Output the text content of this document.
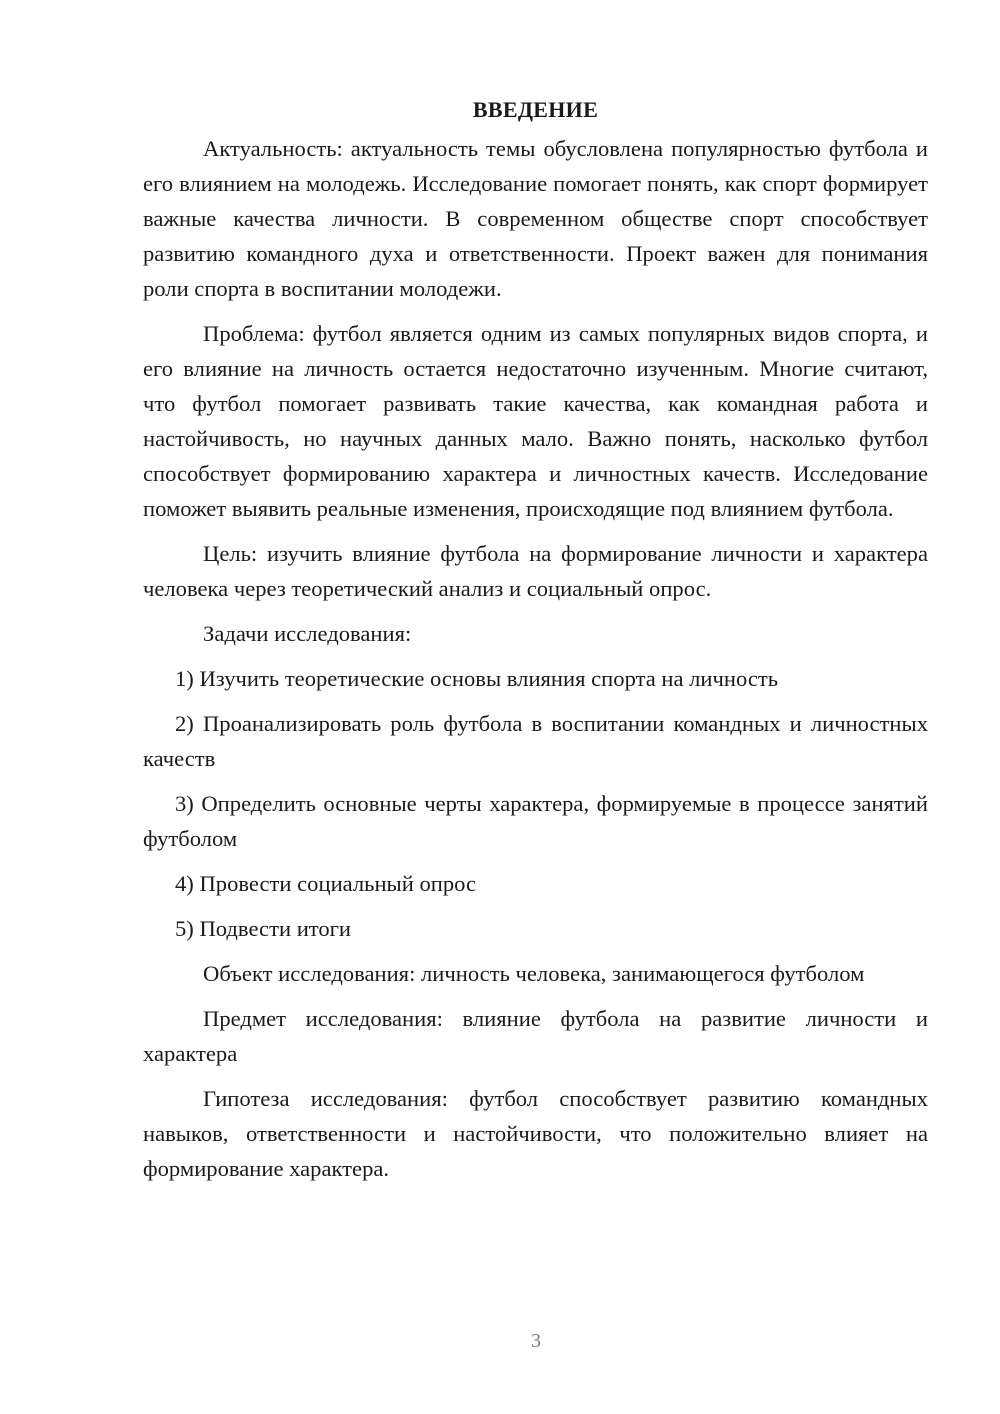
ВВЕДЕНИЕ

Актуальность: актуальность темы обусловлена популярностью футбола и его влиянием на молодежь. Исследование помогает понять, как спорт формирует важные качества личности. В современном обществе спорт способствует развитию командного духа и ответственности. Проект важен для понимания роли спорта в воспитании молодежи.

Проблема: футбол является одним из самых популярных видов спорта, и его влияние на личность остается недостаточно изученным. Многие считают, что футбол помогает развивать такие качества, как командная работа и настойчивость, но научных данных мало. Важно понять, насколько футбол способствует формированию характера и личностных качеств. Исследование поможет выявить реальные изменения, происходящие под влиянием футбола.

Цель: изучить влияние футбола на формирование личности и характера человека через теоретический анализ и социальный опрос.

Задачи исследования:

1) Изучить теоретические основы влияния спорта на личность

2) Проанализировать роль футбола в воспитании командных и личностных качеств

3) Определить основные черты характера, формируемые в процессе занятий футболом

4) Провести социальный опрос

5) Подвести итоги

Объект исследования: личность человека, занимающегося футболом

Предмет исследования: влияние футбола на развитие личности и характера

Гипотеза исследования: футбол способствует развитию командных навыков, ответственности и настойчивости, что положительно влияет на формирование характера.

3
